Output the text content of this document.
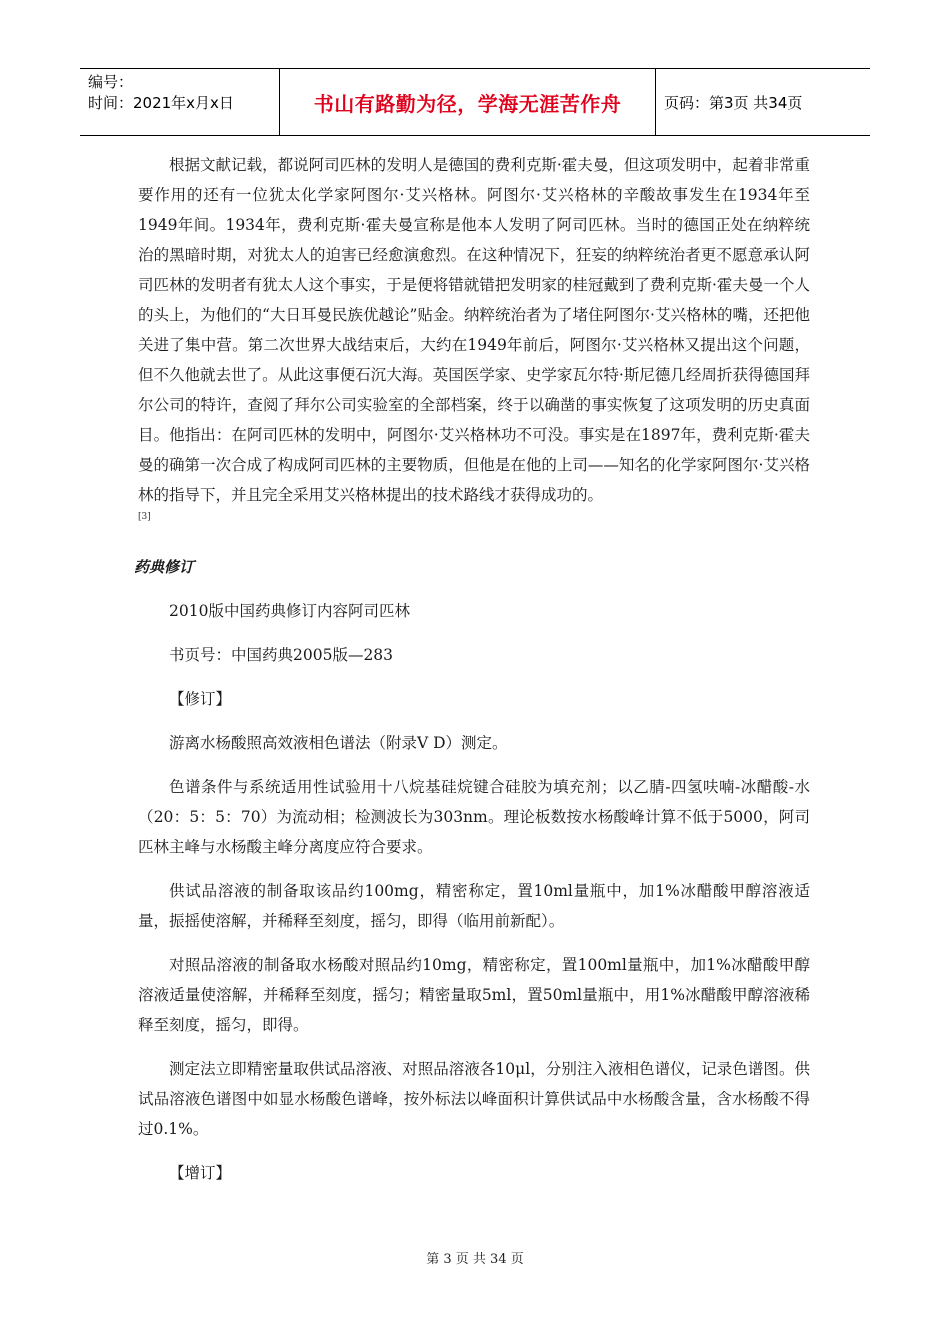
编号：
时间：2021年x月x日	书山有路勤为径，学海无涯苦作舟	页码：第3页 共34页

根据文献记载，都说阿司匹林的发明人是德国的费利克斯·霍夫曼，但这项发明中，起着非常重要作用的还有一位犹太化学家阿图尔·艾兴格林。阿图尔·艾兴格林的辛酸故事发生在1934年至1949年间。1934年，费利克斯·霍夫曼宣称是他本人发明了阿司匹林。当时的德国正处在纳粹统治的黑暗时期，对犹太人的迫害已经愈演愈烈。在这种情况下，狂妄的纳粹统治者更不愿意承认阿司匹林的发明者有犹太人这个事实，于是便将错就错把发明家的桂冠戴到了费利克斯·霍夫曼一个人的头上，为他们的“大日耳曼民族优越论”贴金。纳粹统治者为了堵住阿图尔·艾兴格林的嘴，还把他关进了集中营。第二次世界大战结束后，大约在1949年前后，阿图尔·艾兴格林又提出这个问题，但不久他就去世了。从此这事便石沉大海。英国医学家、史学家瓦尔特·斯尼德几经周折获得德国拜尔公司的特许，查阅了拜尔公司实验室的全部档案，终于以确凿的事实恢复了这项发明的历史真面目。他指出：在阿司匹林的发明中，阿图尔·艾兴格林功不可没。事实是在1897年，费利克斯·霍夫曼的确第一次合成了构成阿司匹林的主要物质，但他是在他的上司——知名的化学家阿图尔·艾兴格林的指导下，并且完全采用艾兴格林提出的技术路线才获得成功的。

[3]

药典修订

2010版中国药典修订内容阿司匹林

书页号：中国药典2005版—283

【修订】

游离水杨酸照高效液相色谱法（附录Ⅴ D）测定。

色谱条件与系统适用性试验用十八烷基硅烷键合硅胶为填充剂；以乙腈-四氢呋喃-冰醋酸-水（20：5：5：70）为流动相；检测波长为303nm。理论板数按水杨酸峰计算不低于5000，阿司匹林主峰与水杨酸主峰分离度应符合要求。

供试品溶液的制备取该品约100mg，精密称定，置10ml量瓶中，加1%冰醋酸甲醇溶液适量，振摇使溶解，并稀释至刻度，摇匀，即得（临用前新配）。

对照品溶液的制备取水杨酸对照品约10mg，精密称定，置100ml量瓶中，加1%冰醋酸甲醇溶液适量使溶解，并稀释至刻度，摇匀；精密量取5ml，置50ml量瓶中，用1%冰醋酸甲醇溶液稀释至刻度，摇匀，即得。

测定法立即精密量取供试品溶液、对照品溶液各10μl，分别注入液相色谱仪，记录色谱图。供试品溶液色谱图中如显水杨酸色谱峰，按外标法以峰面积计算供试品中水杨酸含量，含水杨酸不得过0.1%。

【增订】

第 3 页 共 34 页
